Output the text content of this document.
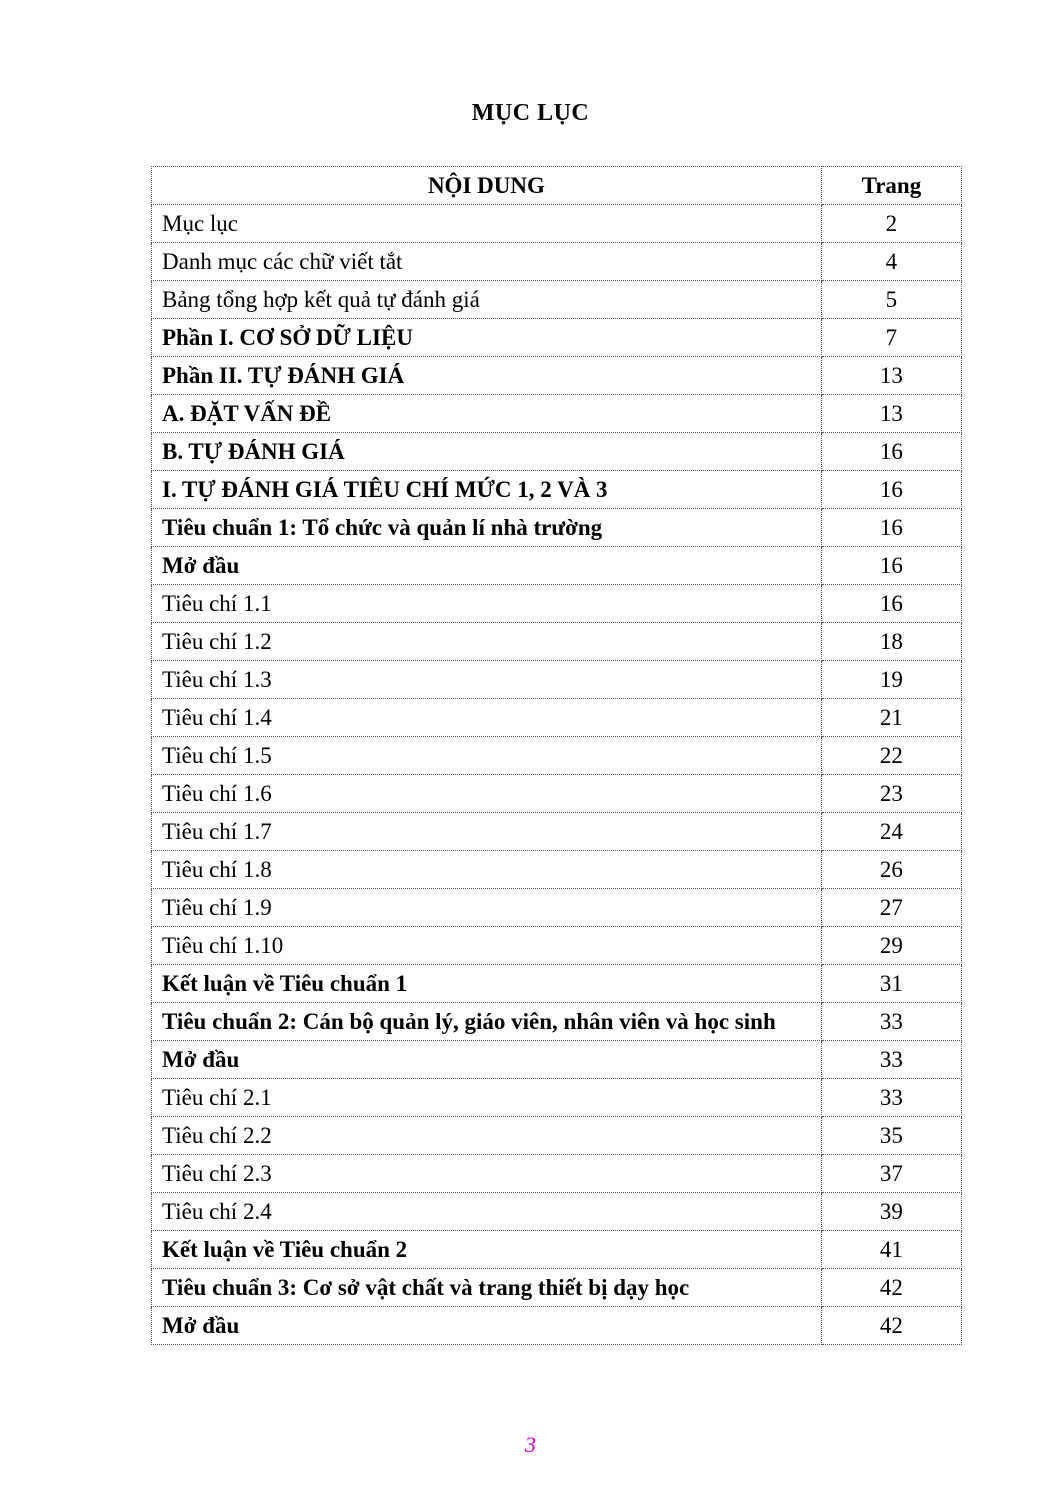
MỤC LỤC
NỘI DUNG	Trang
Mục lục	2
Danh mục các chữ viết tắt	4
Bảng tổng hợp kết quả tự đánh giá	5
Phần I. CƠ SỞ DỮ LIỆU	7
Phần II. TỰ ĐÁNH GIÁ	13
A. ĐẶT VẤN ĐỀ	13
B. TỰ ĐÁNH GIÁ	16
I. TỰ ĐÁNH GIÁ TIÊU CHÍ MỨC 1, 2 VÀ 3	16
Tiêu chuẩn 1: Tổ chức và quản lí nhà trường	16
Mở đầu	16
Tiêu chí 1.1	16
Tiêu chí 1.2	18
Tiêu chí 1.3	19
Tiêu chí 1.4	21
Tiêu chí 1.5	22
Tiêu chí 1.6	23
Tiêu chí 1.7	24
Tiêu chí 1.8	26
Tiêu chí 1.9	27
Tiêu chí 1.10	29
Kết luận về Tiêu chuẩn 1	31
Tiêu chuẩn 2: Cán bộ quản lý, giáo viên, nhân viên và học sinh	33
Mở đầu	33
Tiêu chí 2.1	33
Tiêu chí 2.2	35
Tiêu chí 2.3	37
Tiêu chí 2.4	39
Kết luận về Tiêu chuẩn 2	41
Tiêu chuẩn 3: Cơ sở vật chất và trang thiết bị dạy học	42
Mở đầu	42
3
